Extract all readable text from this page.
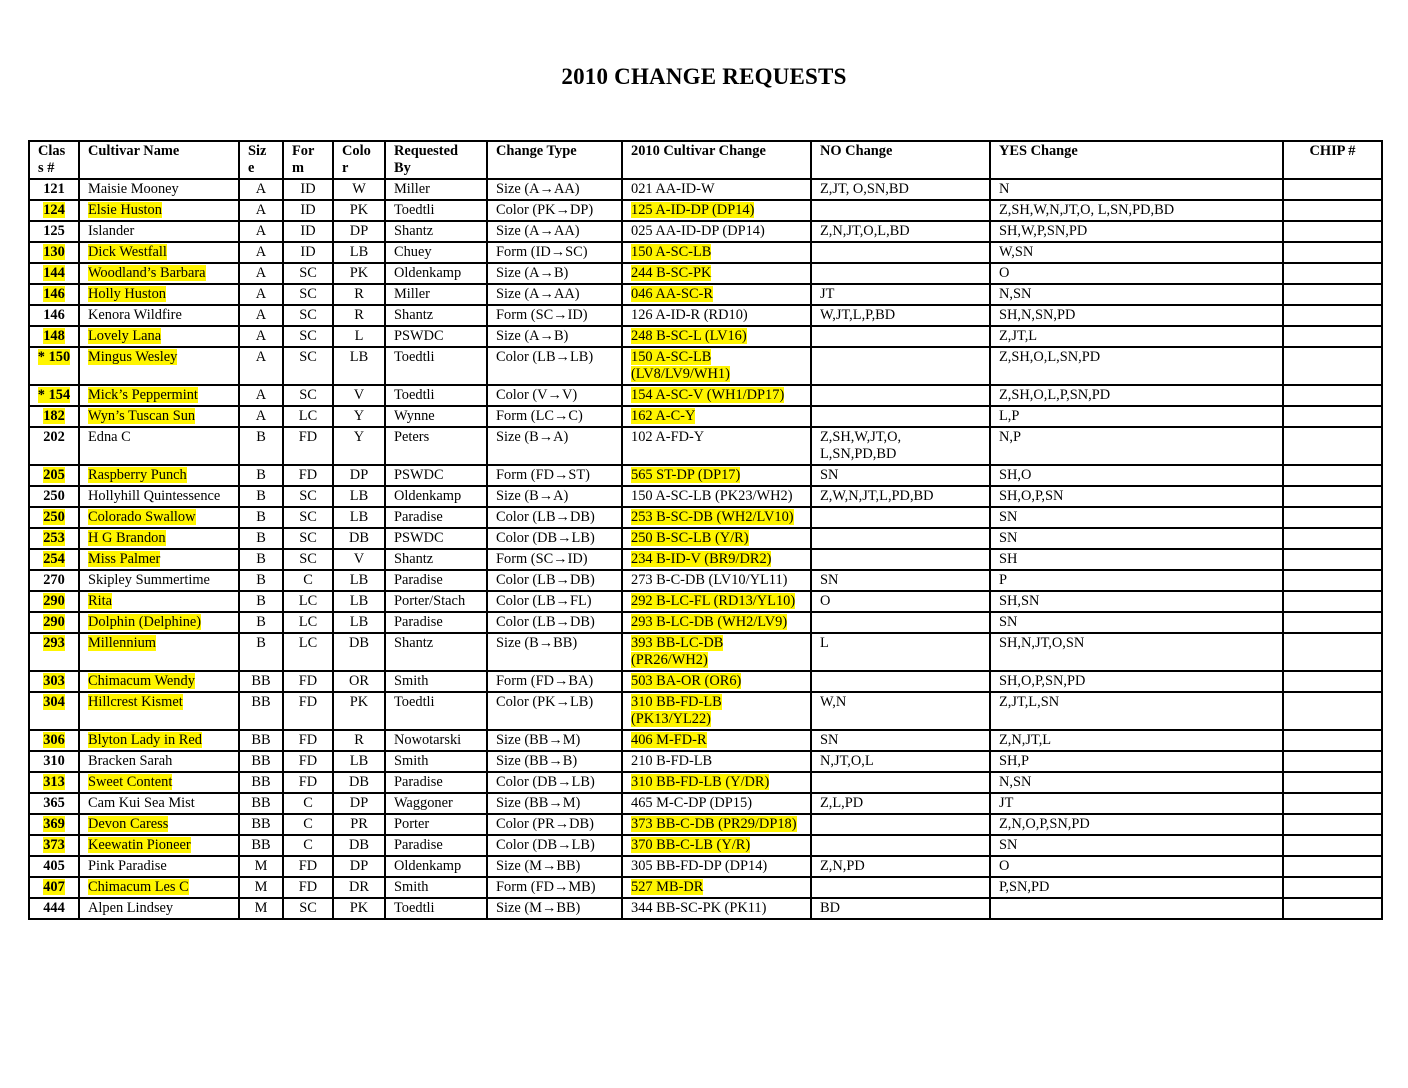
2010 CHANGE REQUESTS
Clas s #	Cultivar Name	Siz e	For m	Colo r	Requested By	Change Type	2010 Cultivar Change	NO Change	YES Change	CHIP #
121	Maisie Mooney	A	ID	W	Miller	Size (A→AA)	021 AA-ID-W	Z,JT, O,SN,BD	N	
124	Elsie Huston	A	ID	PK	Toedtli	Color (PK→DP)	125 A-ID-DP (DP14)		Z,SH,W,N,JT,O, L,SN,PD,BD	
125	Islander	A	ID	DP	Shantz	Size (A→AA)	025 AA-ID-DP (DP14)	Z,N,JT,O,L,BD	SH,W,P,SN,PD	
130	Dick Westfall	A	ID	LB	Chuey	Form (ID→SC)	150 A-SC-LB		W,SN	
144	Woodland’s Barbara	A	SC	PK	Oldenkamp	Size (A→B)	244 B-SC-PK		O	
146	Holly Huston	A	SC	R	Miller	Size (A→AA)	046 AA-SC-R	JT	N,SN	
146	Kenora Wildfire	A	SC	R	Shantz	Form (SC→ID)	126 A-ID-R (RD10)	W,JT,L,P,BD	SH,N,SN,PD	
148	Lovely Lana	A	SC	L	PSWDC	Size (A→B)	248 B-SC-L (LV16)		Z,JT,L	
* 150	Mingus Wesley	A	SC	LB	Toedtli	Color (LB→LB)	150 A-SC-LB (LV8/LV9/WH1)		Z,SH,O,L,SN,PD	
* 154	Mick’s Peppermint	A	SC	V	Toedtli	Color (V→V)	154 A-SC-V (WH1/DP17)		Z,SH,O,L,P,SN,PD	
182	Wyn’s Tuscan Sun	A	LC	Y	Wynne	Form (LC→C)	162 A-C-Y		L,P	
202	Edna C	B	FD	Y	Peters	Size (B→A)	102 A-FD-Y	Z,SH,W,JT,O, L,SN,PD,BD	N,P	
205	Raspberry Punch	B	FD	DP	PSWDC	Form (FD→ST)	565 ST-DP (DP17)	SN	SH,O	
250	Hollyhill Quintessence	B	SC	LB	Oldenkamp	Size (B→A)	150 A-SC-LB (PK23/WH2)	Z,W,N,JT,L,PD,BD	SH,O,P,SN	
250	Colorado Swallow	B	SC	LB	Paradise	Color (LB→DB)	253 B-SC-DB (WH2/LV10)		SN	
253	H G Brandon	B	SC	DB	PSWDC	Color (DB→LB)	250 B-SC-LB (Y/R)		SN	
254	Miss Palmer	B	SC	V	Shantz	Form (SC→ID)	234 B-ID-V (BR9/DR2)		SH	
270	Skipley Summertime	B	C	LB	Paradise	Color (LB→DB)	273 B-C-DB (LV10/YL11)	SN	P	
290	Rita	B	LC	LB	Porter/Stach	Color (LB→FL)	292 B-LC-FL (RD13/YL10)	O	SH,SN	
290	Dolphin (Delphine)	B	LC	LB	Paradise	Color (LB→DB)	293 B-LC-DB (WH2/LV9)		SN	
293	Millennium	B	LC	DB	Shantz	Size (B→BB)	393 BB-LC-DB (PR26/WH2)	L	SH,N,JT,O,SN	
303	Chimacum Wendy	BB	FD	OR	Smith	Form (FD→BA)	503 BA-OR (OR6)		SH,O,P,SN,PD	
304	Hillcrest Kismet	BB	FD	PK	Toedtli	Color (PK→LB)	310 BB-FD-LB (PK13/YL22)	W,N	Z,JT,L,SN	
306	Blyton Lady in Red	BB	FD	R	Nowotarski	Size (BB→M)	406 M-FD-R	SN	Z,N,JT,L	
310	Bracken Sarah	BB	FD	LB	Smith	Size (BB→B)	210 B-FD-LB	N,JT,O,L	SH,P	
313	Sweet Content	BB	FD	DB	Paradise	Color (DB→LB)	310 BB-FD-LB (Y/DR)		N,SN	
365	Cam Kui Sea Mist	BB	C	DP	Waggoner	Size (BB→M)	465 M-C-DP (DP15)	Z,L,PD	JT	
369	Devon Caress	BB	C	PR	Porter	Color (PR→DB)	373 BB-C-DB (PR29/DP18)		Z,N,O,P,SN,PD	
373	Keewatin Pioneer	BB	C	DB	Paradise	Color (DB→LB)	370 BB-C-LB (Y/R)		SN	
405	Pink Paradise	M	FD	DP	Oldenkamp	Size (M→BB)	305 BB-FD-DP (DP14)	Z,N,PD	O	
407	Chimacum Les C	M	FD	DR	Smith	Form (FD→MB)	527 MB-DR		P,SN,PD	
444	Alpen Lindsey	M	SC	PK	Toedtli	Size (M→BB)	344 BB-SC-PK (PK11)	BD		
